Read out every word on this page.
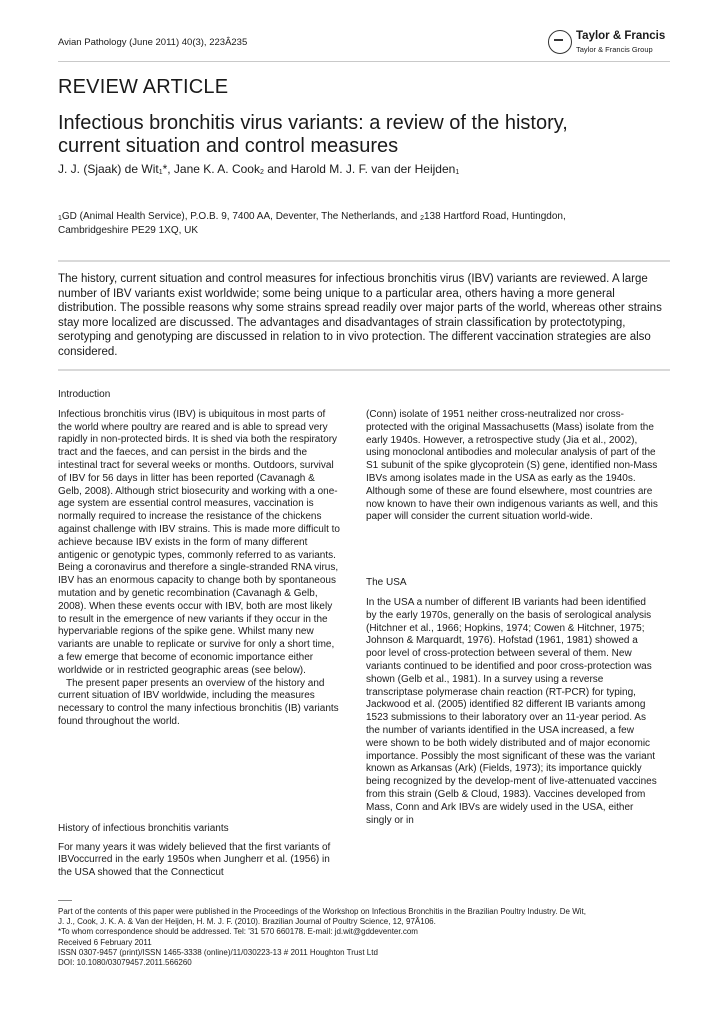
Avian Pathology (June 2011) 40(3), 223Â235
Taylor & Francis
Taylor & Francis Group
REVIEW ARTICLE
Infectious bronchitis virus variants: a review of the history,
current situation and control measures
J. J. (Sjaak) de Wit1*, Jane K. A. Cook2 and Harold M. J. F. van der Heijden1
1GD (Animal Health Service), P.O.B. 9, 7400 AA, Deventer, The Netherlands, and 2138 Hartford Road, Huntingdon, Cambridgeshire PE29 1XQ, UK
The history, current situation and control measures for infectious bronchitis virus (IBV) variants are reviewed. A large number of IBV variants exist worldwide; some being unique to a particular area, others having a more general distribution. The possible reasons why some strains spread readily over major parts of the world, whereas other strains stay more localized are discussed. The advantages and disadvantages of strain classification by protectotyping, serotyping and genotyping are discussed in relation to in vivo protection. The different vaccination strategies are also considered.
Introduction
Infectious bronchitis virus (IBV) is ubiquitous in most parts of the world where poultry are reared and is able to spread very rapidly in non-protected birds. It is shed via both the respiratory tract and the faeces, and can persist in the birds and the intestinal tract for several weeks or months. Outdoors, survival of IBV for 56 days in litter has been reported (Cavanagh & Gelb, 2008). Although strict biosecurity and working with a one-age system are essential control measures, vaccination is normally required to increase the resistance of the chickens against challenge with IBV strains. This is made more difficult to achieve because IBV exists in the form of many different antigenic or genotypic types, commonly referred to as variants. Being a coronavirus and therefore a single-stranded RNA virus, IBV has an enormous capacity to change both by spontaneous mutation and by genetic recombination (Cavanagh & Gelb, 2008). When these events occur with IBV, both are most likely to result in the emergence of new variants if they occur in the hypervariable regions of the spike gene. Whilst many new variants are unable to replicate or survive for only a short time, a few emerge that become of economic importance either worldwide or in restricted geographic areas (see below).
The present paper presents an overview of the history and current situation of IBV worldwide, including the measures necessary to control the many infectious bronchitis (IB) variants found throughout the world.
History of infectious bronchitis variants
For many years it was widely believed that the first variants of IBVoccurred in the early 1950s when Jungherr et al. (1956) in the USA showed that the Connecticut
(Conn) isolate of 1951 neither cross-neutralized nor cross-protected with the original Massachusetts (Mass) isolate from the early 1940s. However, a retrospective study (Jia et al., 2002), using monoclonal antibodies and molecular analysis of part of the S1 subunit of the spike glycoprotein (S) gene, identified non-Mass IBVs among isolates made in the USA as early as the 1940s. Although some of these are found elsewhere, most countries are now known to have their own indigenous variants as well, and this paper will consider the current situation world-wide.
The USA
In the USA a number of different IB variants had been identified by the early 1970s, generally on the basis of serological analysis (Hitchner et al., 1966; Hopkins, 1974; Cowen & Hitchner, 1975; Johnson & Marquardt, 1976). Hofstad (1961, 1981) showed a poor level of cross-protection between several of them. New variants continued to be identified and poor cross-protection was shown (Gelb et al., 1981). In a survey using a reverse transcriptase polymerase chain reaction (RT-PCR) for typing, Jackwood et al. (2005) identified 82 different IB variants among 1523 submissions to their laboratory over an 11-year period. As the number of variants identified in the USA increased, a few were shown to be both widely distributed and of major economic importance. Possibly the most significant of these was the variant known as Arkansas (Ark) (Fields, 1973); its importance quickly being recognized by the develop-ment of live-attenuated vaccines from this strain (Gelb & Cloud, 1983). Vaccines developed from Mass, Conn and Ark IBVs are widely used in the USA, either singly or in
Part of the contents of this paper were published in the Proceedings of the Workshop on Infectious Bronchitis in the Brazilian Poultry Industry. De Wit,
J. J., Cook, J. K. A. & Van der Heijden, H. M. J. F. (2010). Brazilian Journal of Poultry Science, 12, 97Â106.
*To whom correspondence should be addressed. Tel: '31 570 660178. E-mail: jd.wit@gddeventer.com
Received 6 February 2011
ISSN 0307-9457 (print)/ISSN 1465-3338 (online)/11/030223-13 # 2011 Houghton Trust Ltd
DOI: 10.1080/03079457.2011.566260
